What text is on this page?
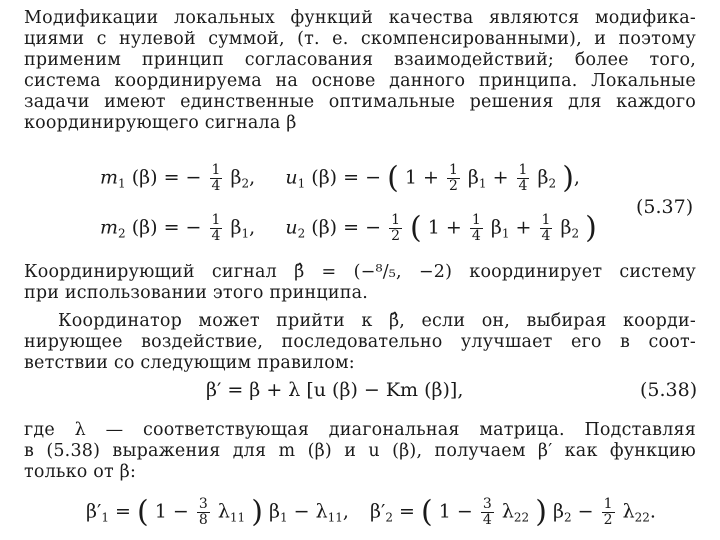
Модификации локальных функций качества являются модифика-
циями с нулевой суммой, (т. е. скомпенсированными), и поэтому
применим принцип согласования взаимодействий; более того,
система координируема на основе данного принципа. Локальные
задачи имеют единственные оптимальные решения для каждого
координирующего сигнала β
$m_1$ (β) = − $\frac{1}{4} \beta_2$, $u_1$ (β) = − ( $1 + \frac{1}{2} \beta_1 + \frac{1}{4} \beta_2$ ),
(5.37)
$m_2$ (β) = − $\frac{1}{4} \beta_1$, $u_2$ (β) = − $\frac{1}{2}$ ( $1 + \frac{1}{4} \beta_1 + \frac{1}{4} \beta_2$ )
Координирующий сигнал β̂ = (−⁸/₅, −2) координирует систему
при использовании этого принципа.
Координатор может прийти к β̂, если он, выбирая коорди-
нирующее воздействие, последовательно улучшает его в соот-
ветствии со следующим правилом:
β′ = β + λ [u (β) − Km (β)],	(5.38)
где λ — соответствующая диагональная матрица. Подставляя
в (5.38) выражения для m (β) и u (β), получаем β′ как функцию
только от β:
$\beta'_1$ = ( $1 - \frac{3}{8} \lambda_{11}$ ) $\beta_1 - \lambda_{11}$, $\beta'_2$ = ( $1 - \frac{3}{4} \lambda_{22}$ ) $\beta_2 - \frac{1}{2} \lambda_{22}$.
